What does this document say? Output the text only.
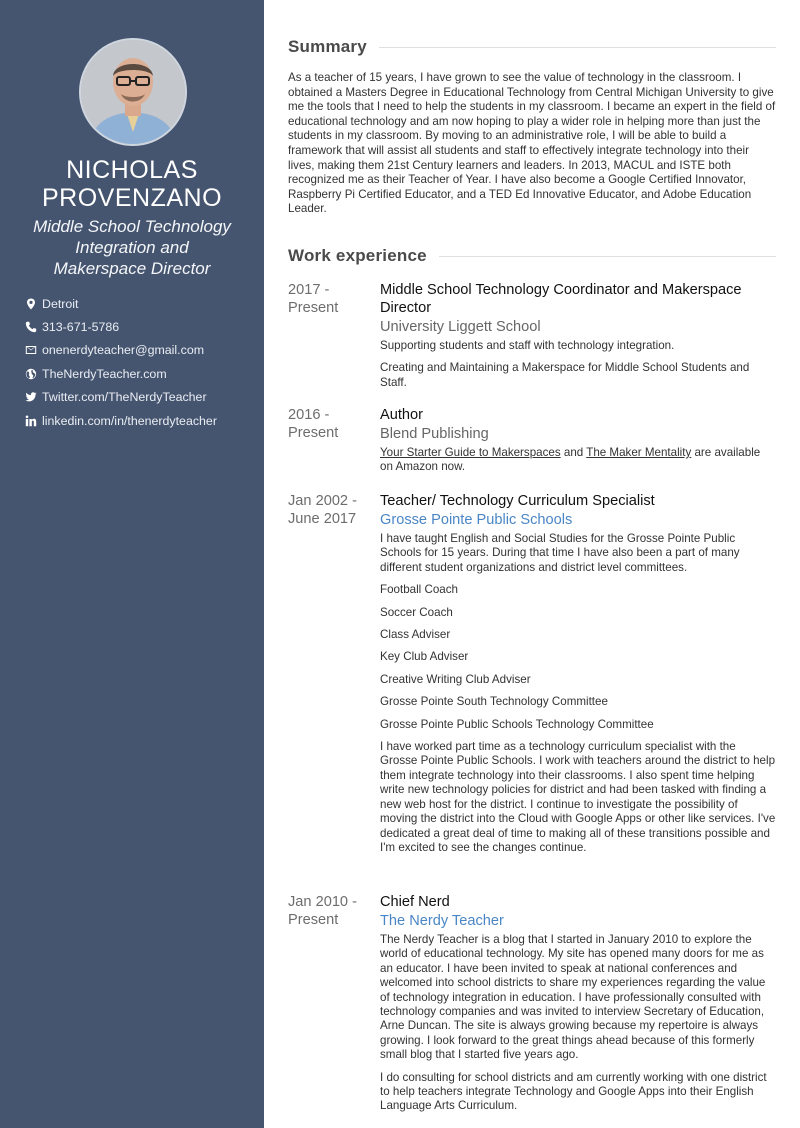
NICHOLAS
PROVENZANO
Middle School Technology
Integration and
Makerspace Director
Detroit
313-671-5786
onenerdyteacher@gmail.com
TheNerdyTeacher.com
Twitter.com/TheNerdyTeacher
linkedin.com/in/thenerdyteacher
Summary

As a teacher of 15 years, I have grown to see the value of technology in the classroom. I obtained a Masters Degree in Educational Technology from Central Michigan University to give me the tools that I need to help the students in my classroom. I became an expert in the field of educational technology and am now hoping to play a wider role in helping more than just the students in my classroom. By moving to an administrative role, I will be able to build a framework that will assist all students and staff to effectively integrate technology into their lives, making them 21st Century learners and leaders. In 2013, MACUL and ISTE both recognized me as their Teacher of Year. I have also become a Google Certified Innovator, Raspberry Pi Certified Educator, and a TED Ed Innovative Educator, and Adobe Education Leader.

Work experience
2017 -
Present
Middle School Technology Coordinator and Makerspace Director
University Liggett School

Supporting students and staff with technology integration.

Creating and Maintaining a Makerspace for Middle School Students and Staff.

2016 -
Present
Author
Blend Publishing

Your Starter Guide to Makerspaces and The Maker Mentality are available on Amazon now.

Jan 2002 -
June 2017
Teacher/ Technology Curriculum Specialist
Grosse Pointe Public Schools

I have taught English and Social Studies for the Grosse Pointe Public Schools for 15 years. During that time I have also been a part of many different student organizations and district level committees.

Football Coach

Soccer Coach

Class Adviser

Key Club Adviser

Creative Writing Club Adviser

Grosse Pointe South Technology Committee

Grosse Pointe Public Schools Technology Committee

I have worked part time as a technology curriculum specialist with the Grosse Pointe Public Schools. I work with teachers around the district to help them integrate technology into their classrooms. I also spent time helping write new technology policies for district and had been tasked with finding a new web host for the district. I continue to investigate the possibility of moving the district into the Cloud with Google Apps or other like services. I've dedicated a great deal of time to making all of these transitions possible and I'm excited to see the changes continue.

Jan 2010 -
Present
Chief Nerd
The Nerdy Teacher

The Nerdy Teacher is a blog that I started in January 2010 to explore the world of educational technology. My site has opened many doors for me as an educator. I have been invited to speak at national conferences and welcomed into school districts to share my experiences regarding the value of technology integration in education. I have professionally consulted with technology companies and was invited to interview Secretary of Education, Arne Duncan. The site is always growing because my repertoire is always growing. I look forward to the great things ahead because of this formerly small blog that I started five years ago.

I do consulting for school districts and am currently working with one district to help teachers integrate Technology and Google Apps into their English Language Arts Curriculum.
